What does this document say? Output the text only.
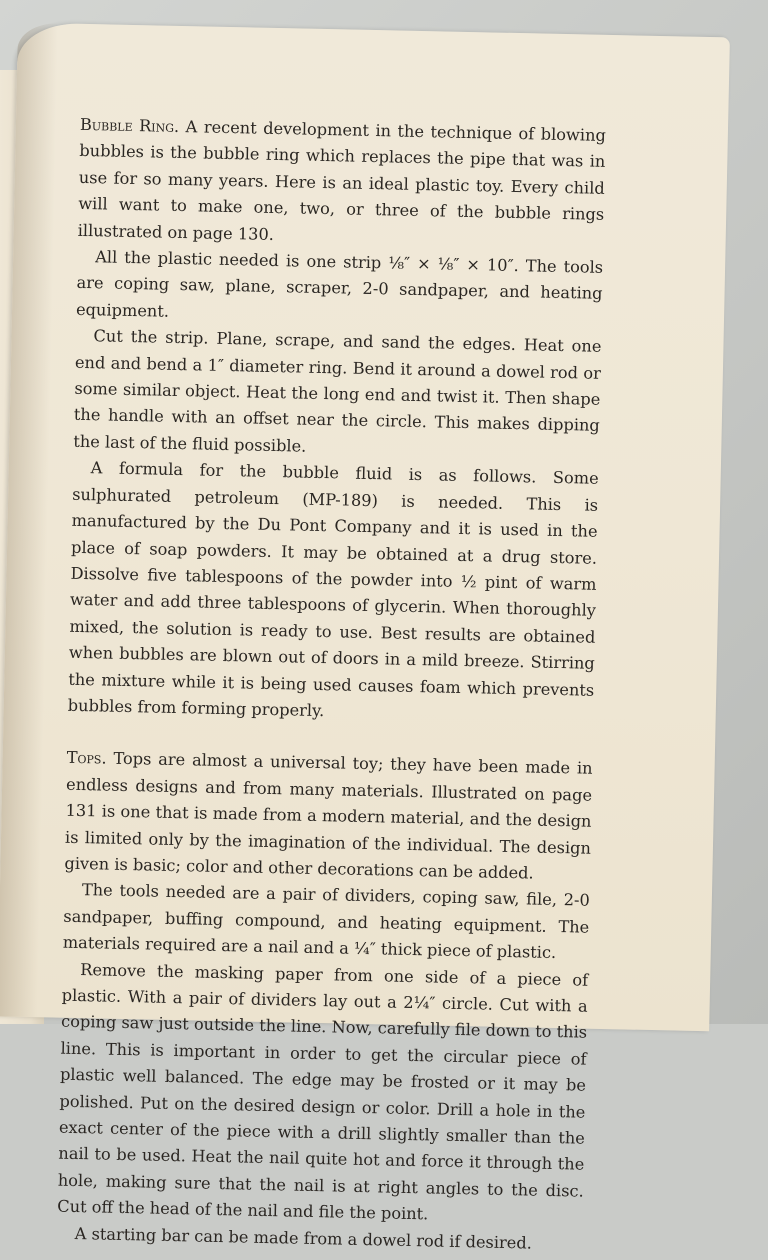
Bubble Ring. A recent development in the technique of blowing bubbles is the bubble ring which replaces the pipe that was in use for so many years. Here is an ideal plastic toy. Every child will want to make one, two, or three of the bubble rings illustrated on page 130.

All the plastic needed is one strip ⅛″ × ⅛″ × 10″. The tools are coping saw, plane, scraper, 2-0 sandpaper, and heating equipment.

Cut the strip. Plane, scrape, and sand the edges. Heat one end and bend a 1″ diameter ring. Bend it around a dowel rod or some similar object. Heat the long end and twist it. Then shape the handle with an offset near the circle. This makes dipping the last of the fluid possible.

A formula for the bubble fluid is as follows. Some sulphurated petroleum (MP-189) is needed. This is manufactured by the Du Pont Company and it is used in the place of soap powders. It may be obtained at a drug store. Dissolve five tablespoons of the powder into ½ pint of warm water and add three tablespoons of glycerin. When thoroughly mixed, the solution is ready to use. Best results are obtained when bubbles are blown out of doors in a mild breeze. Stirring the mixture while it is being used causes foam which prevents bubbles from forming properly.

Tops. Tops are almost a universal toy; they have been made in endless designs and from many materials. Illustrated on page 131 is one that is made from a modern material, and the design is limited only by the imagination of the individual. The design given is basic; color and other decorations can be added.

The tools needed are a pair of dividers, coping saw, file, 2-0 sandpaper, buffing compound, and heating equipment. The materials required are a nail and a ¼″ thick piece of plastic.

Remove the masking paper from one side of a piece of plastic. With a pair of dividers lay out a 2¼″ circle. Cut with a coping saw just outside the line. Now, carefully file down to this line. This is important in order to get the circular piece of plastic well balanced. The edge may be frosted or it may be polished. Put on the desired design or color. Drill a hole in the exact center of the piece with a drill slightly smaller than the nail to be used. Heat the nail quite hot and force it through the hole, making sure that the nail is at right angles to the disc. Cut off the head of the nail and file the point.

A starting bar can be made from a dowel rod if desired.
